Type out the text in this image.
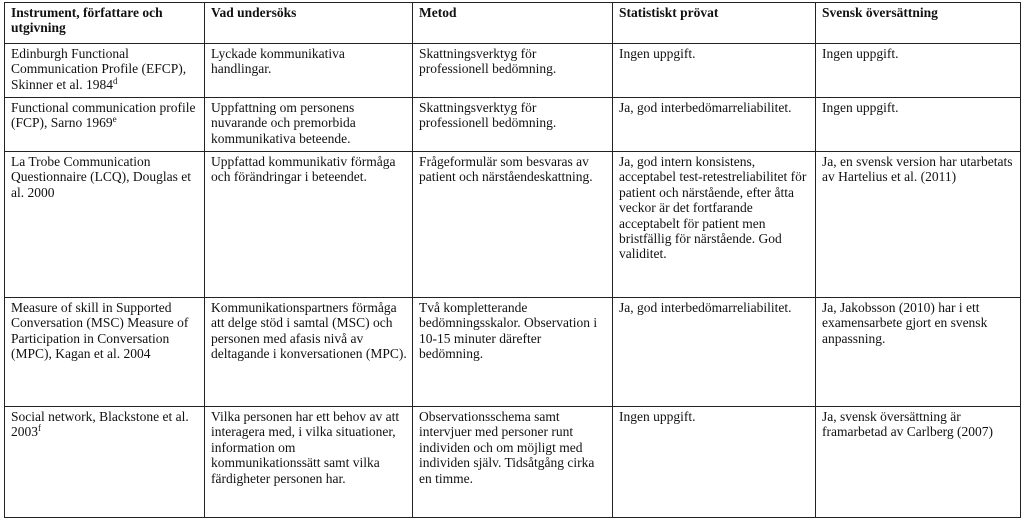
Instrument, författare och utgivning	Vad undersöks	Metod	Statistiskt prövat	Svensk översättning
Edinburgh Functional Communication Profile (EFCP), Skinner et al. 1984$^d$	Lyckade kommunikativa handlingar.	Skattningsverktyg för professionell bedömning.	Ingen uppgift.	Ingen uppgift.
Functional communication profile (FCP), Sarno 1969e	Uppfattning om personens nuvarande och premorbida kommunikativa beteende.	Skattningsverktyg för professionell bedömning.	Ja, god interbedömarreliabilitet.	Ingen uppgift.
La Trobe Communication Questionnaire (LCQ), Douglas et al. 2000	Uppfattad kommunikativ förmåga och förändringar i beteendet.	Frågeformulär som besvaras av patient och närståendeskattning.	Ja, god intern konsistens, acceptabel test-retestreliabilitet för patient och närstående, efter åtta veckor är det fortfarande acceptabelt för patient men bristfällig för närstående. God validitet.	Ja, en svensk version har utarbetats av Hartelius et al. (2011)
Measure of skill in Supported Conversation (MSC) Measure of Participation in Conversation (MPC), Kagan et al. 2004	Kommunikationspartners förmåga att delge stöd i samtal (MSC) och personen med afasis nivå av deltagande i konversationen (MPC).	Två kompletterande bedömningsskalor. Observation i 10-15 minuter därefter bedömning.	Ja, god interbedömarreliabilitet.	Ja, Jakobsson (2010) har i ett examensarbete gjort en svensk anpassning.
Social network, Blackstone et al. 2003$^f$	Vilka personen har ett behov av att interagera med, i vilka situationer, information om kommunikationssätt samt vilka färdigheter personen har.	Observationsschema samt intervjuer med personer runt individen och om möjligt med individen själv. Tidsåtgång cirka en timme.	Ingen uppgift.	Ja, svensk översättning är framarbetad av Carlberg (2007)
